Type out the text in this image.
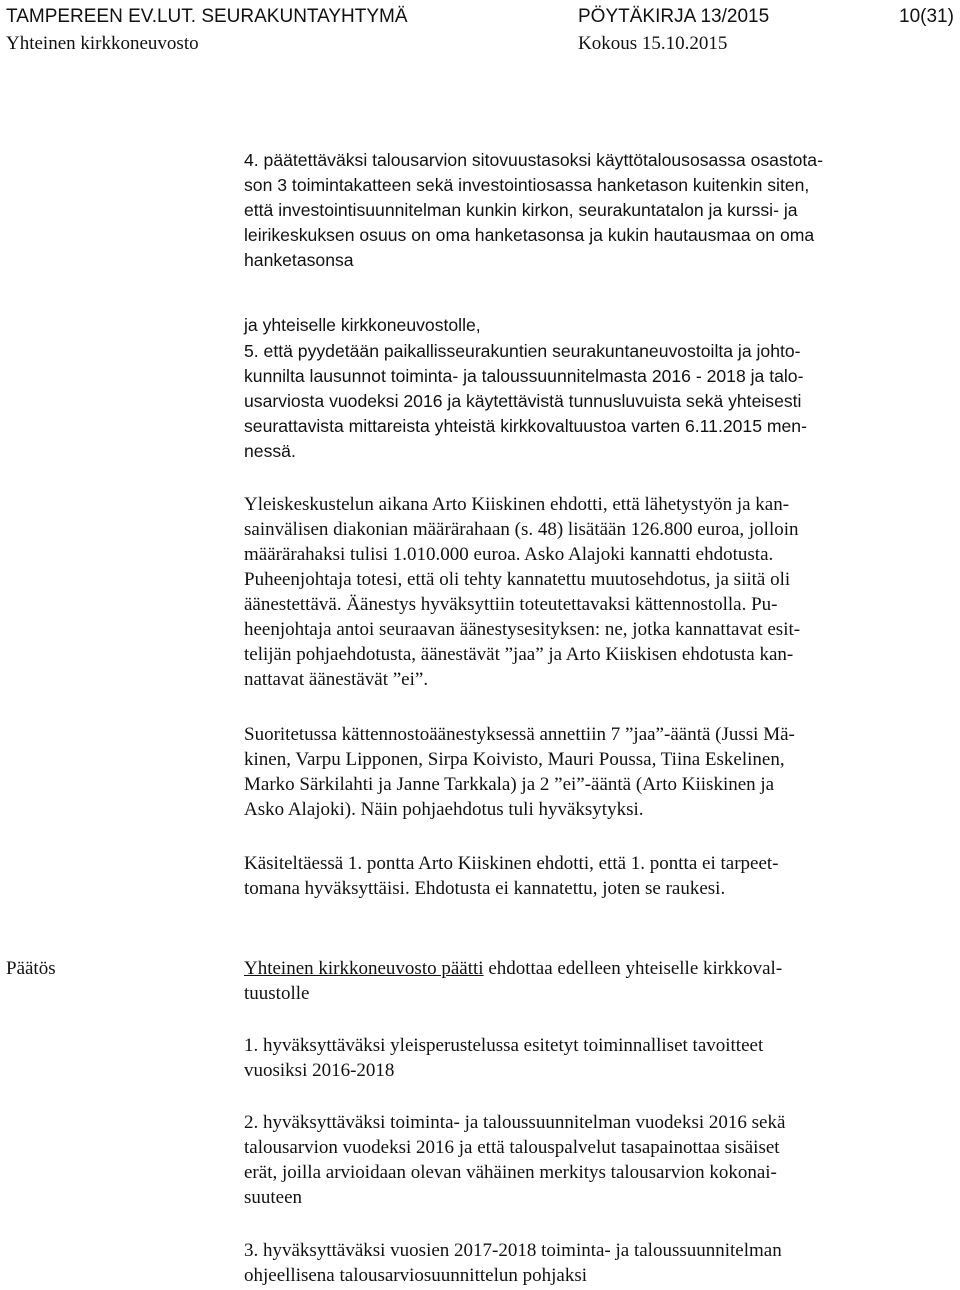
TAMPEREEN EV.LUT. SEURAKUNTAYHTYMÄ	PÖYTÄKIRJA 13/2015	10(31)
Yhteinen kirkkoneuvosto	Kokous 15.10.2015
4. päätettäväksi talousarvion sitovuustasoksi käyttötalousosassa osastota-
son 3 toimintakatteen sekä investointiosassa hanketason kuitenkin siten,
että investointisuunnitelman kunkin kirkon, seurakuntatalon ja kurssi- ja
leirikeskuksen osuus on oma hanketasonsa ja kukin hautausmaa on oma
hanketasonsa
ja yhteiselle kirkkoneuvostolle,
5. että pyydetään paikallisseurakuntien seurakuntaneuvostoilta ja johto-
kunnilta lausunnot toiminta- ja taloussuunnitelmasta 2016 - 2018 ja talo-
usarviosta vuodeksi 2016 ja käytettävistä tunnusluvuista sekä yhteisesti
seurattavista mittareista yhteistä kirkkovaltuustoa varten 6.11.2015 men-
nessä.
Yleiskeskustelun aikana Arto Kiiskinen ehdotti, että lähetystyön ja kan-
sainvälisen diakonian määrärahaan (s. 48) lisätään 126.800 euroa, jolloin
määrärahaksi tulisi 1.010.000 euroa. Asko Alajoki kannatti ehdotusta.
Puheenjohtaja totesi, että oli tehty kannatettu muutosehdotus, ja siitä oli
äänestettävä. Äänestys hyväksyttiin toteutettavaksi kättennostolla. Pu-
heenjohtaja antoi seuraavan äänestysesityksen: ne, jotka kannattavat esit-
telijän pohjaehdotusta, äänestävät ”jaa” ja Arto Kiiskisen ehdotusta kan-
nattavat äänestävät ”ei”.
Suoritetussa kättennostoäänestyksessä annettiin 7 ”jaa”-ääntä (Jussi Mä-
kinen, Varpu Lipponen, Sirpa Koivisto, Mauri Poussa, Tiina Eskelinen,
Marko Särkilahti ja Janne Tarkkala) ja 2 ”ei”-ääntä (Arto Kiiskinen ja
Asko Alajoki). Näin pohjaehdotus tuli hyväksytyksi.
Käsiteltäessä 1. pontta Arto Kiiskinen ehdotti, että 1. pontta ei tarpeet-
tomana hyväksyttäisi. Ehdotusta ei kannatettu, joten se raukesi.
Päätös	Yhteinen kirkkoneuvosto päätti ehdottaa edelleen yhteiselle kirkkoval-
tuustolle
1. hyväksyttäväksi yleisperustelussa esitetyt toiminnalliset tavoitteet
vuosiksi 2016-2018
2. hyväksyttäväksi toiminta- ja taloussuunnitelman vuodeksi 2016 sekä
talousarvion vuodeksi 2016 ja että talouspalvelut tasapainottaa sisäiset
erät, joilla arvioidaan olevan vähäinen merkitys talousarvion kokonai-
suuteen
3. hyväksyttäväksi vuosien 2017-2018 toiminta- ja taloussuunnitelman
ohjeellisena talousarviosuunnittelun pohjaksi
